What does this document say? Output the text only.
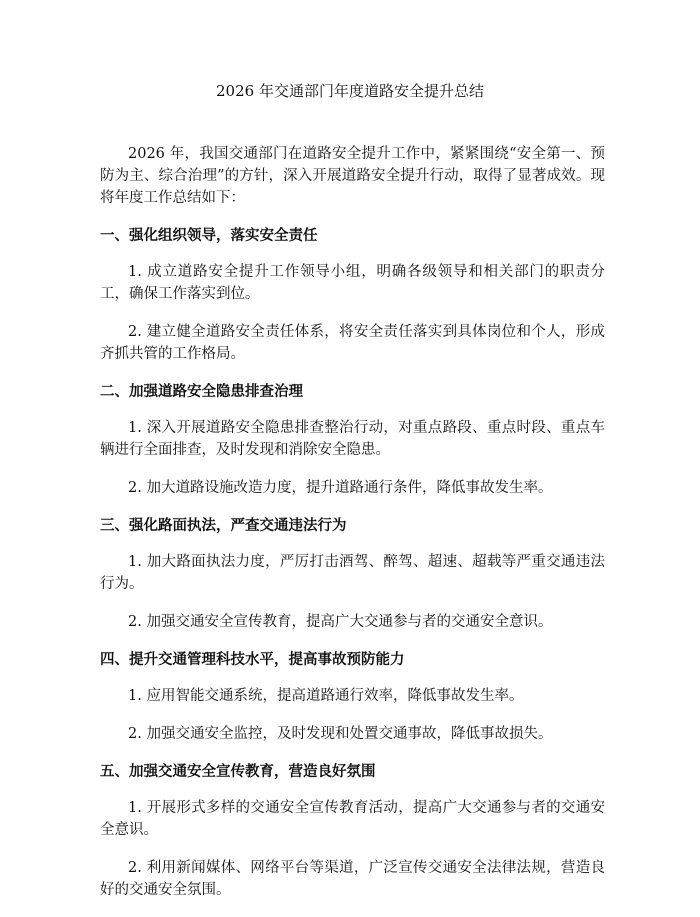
2026 年交通部门年度道路安全提升总结

2026 年，我国交通部门在道路安全提升工作中，紧紧围绕“安全第一、预防为主、综合治理”的方针，深入开展道路安全提升行动，取得了显著成效。现将年度工作总结如下：

一、强化组织领导，落实安全责任

1. 成立道路安全提升工作领导小组，明确各级领导和相关部门的职责分工，确保工作落实到位。

2. 建立健全道路安全责任体系，将安全责任落实到具体岗位和个人，形成齐抓共管的工作格局。

二、加强道路安全隐患排查治理

1. 深入开展道路安全隐患排查整治行动，对重点路段、重点时段、重点车辆进行全面排查，及时发现和消除安全隐患。

2. 加大道路设施改造力度，提升道路通行条件，降低事故发生率。

三、强化路面执法，严查交通违法行为

1. 加大路面执法力度，严厉打击酒驾、醉驾、超速、超载等严重交通违法行为。

2. 加强交通安全宣传教育，提高广大交通参与者的交通安全意识。

四、提升交通管理科技水平，提高事故预防能力

1. 应用智能交通系统，提高道路通行效率，降低事故发生率。

2. 加强交通安全监控，及时发现和处置交通事故，降低事故损失。

五、加强交通安全宣传教育，营造良好氛围

1. 开展形式多样的交通安全宣传教育活动，提高广大交通参与者的交通安全意识。

2. 利用新闻媒体、网络平台等渠道，广泛宣传交通安全法律法规，营造良好的交通安全氛围。
